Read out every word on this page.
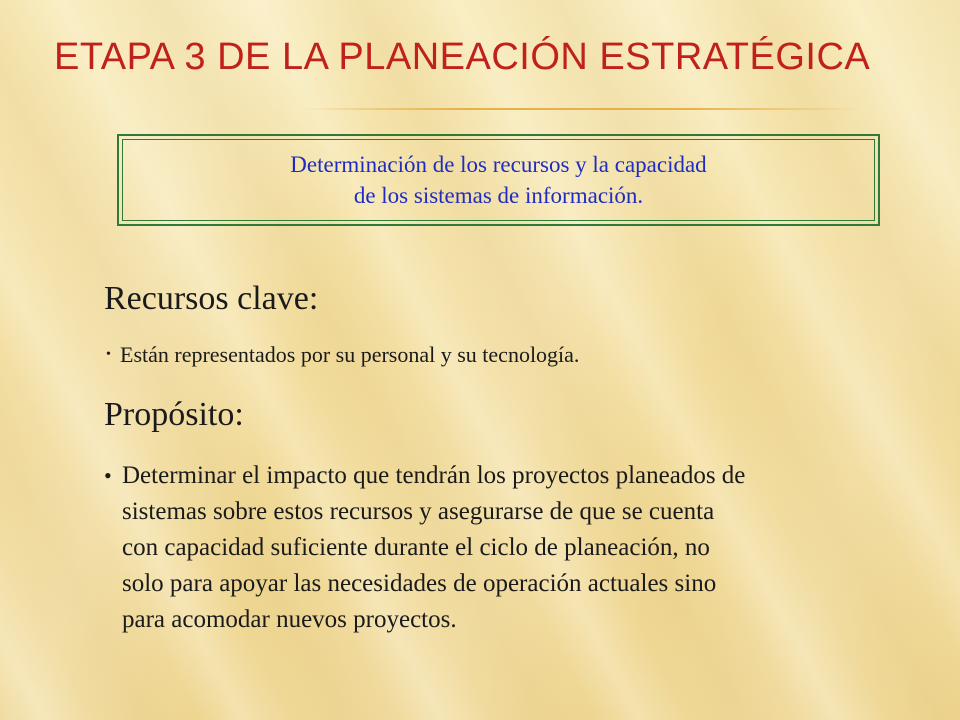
ETAPA 3 DE LA PLANEACIÓN ESTRATÉGICA
Determinación de los recursos y la capacidad
de los sistemas de información.
Recursos clave:
• Están representados por su personal y su tecnología.
Propósito:
• Determinar el impacto que tendrán los proyectos planeados de
sistemas sobre estos recursos y asegurarse de que se cuenta
con capacidad suficiente durante el ciclo de planeación, no
solo para apoyar las necesidades de operación actuales sino
para acomodar nuevos proyectos.
